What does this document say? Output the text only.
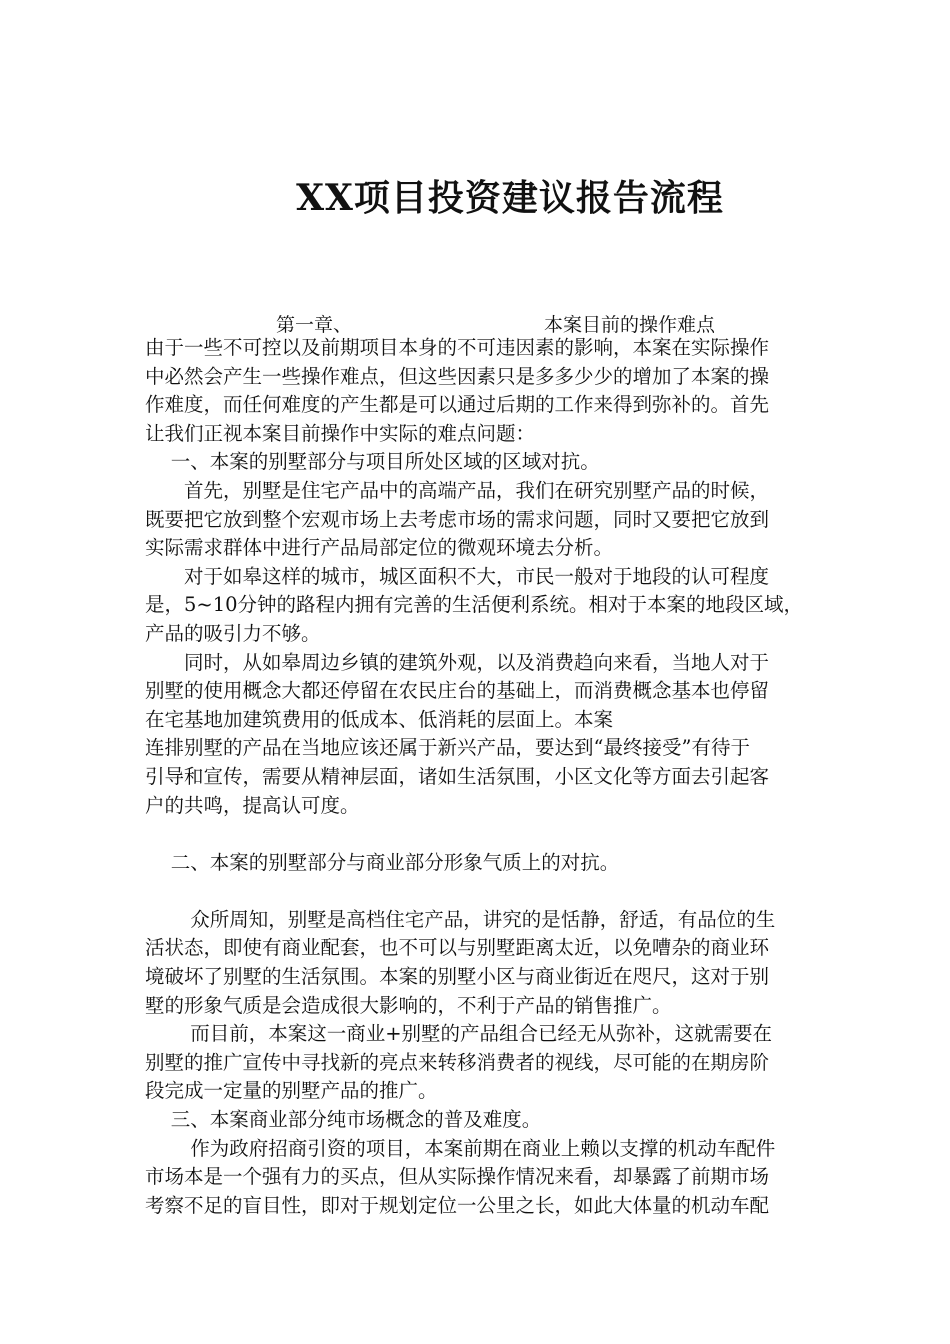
XX项目投资建议报告流程
第一章、	本案目前的操作难点
由于一些不可控以及前期项目本身的不可违因素的影响，本案在实际操作
中必然会产生一些操作难点，但这些因素只是多多少少的增加了本案的操
作难度，而任何难度的产生都是可以通过后期的工作来得到弥补的。首先
让我们正视本案目前操作中实际的难点问题：
　 一、本案的别墅部分与项目所处区域的区域对抗。
　　首先，别墅是住宅产品中的高端产品，我们在研究别墅产品的时候，
既要把它放到整个宏观市场上去考虑市场的需求问题，同时又要把它放到
实际需求群体中进行产品局部定位的微观环境去分析。
　　对于如皋这样的城市，城区面积不大，市民一般对于地段的认可程度
是，5~10分钟的路程内拥有完善的生活便利系统。相对于本案的地段区域，
产品的吸引力不够。
　　同时，从如皋周边乡镇的建筑外观，以及消费趋向来看，当地人对于
别墅的使用概念大都还停留在农民庄台的基础上，而消费概念基本也停留
在宅基地加建筑费用的低成本、低消耗的层面上。本案
连排别墅的产品在当地应该还属于新兴产品，要达到“最终接受”有待于
引导和宣传，需要从精神层面，诸如生活氛围，小区文化等方面去引起客
户的共鸣，提高认可度。
　 二、本案的别墅部分与商业部分形象气质上的对抗。
　　 众所周知，别墅是高档住宅产品，讲究的是恬静，舒适，有品位的生
活状态，即使有商业配套，也不可以与别墅距离太近，以免嘈杂的商业环
境破坏了别墅的生活氛围。本案的别墅小区与商业街近在咫尺，这对于别
墅的形象气质是会造成很大影响的，不利于产品的销售推广。
　　 而目前，本案这一商业+别墅的产品组合已经无从弥补，这就需要在
别墅的推广宣传中寻找新的亮点来转移消费者的视线，尽可能的在期房阶
段完成一定量的别墅产品的推广。
　 三、本案商业部分纯市场概念的普及难度。
　　 作为政府招商引资的项目，本案前期在商业上赖以支撑的机动车配件
市场本是一个强有力的买点，但从实际操作情况来看，却暴露了前期市场
考察不足的盲目性，即对于规划定位一公里之长，如此大体量的机动车配
